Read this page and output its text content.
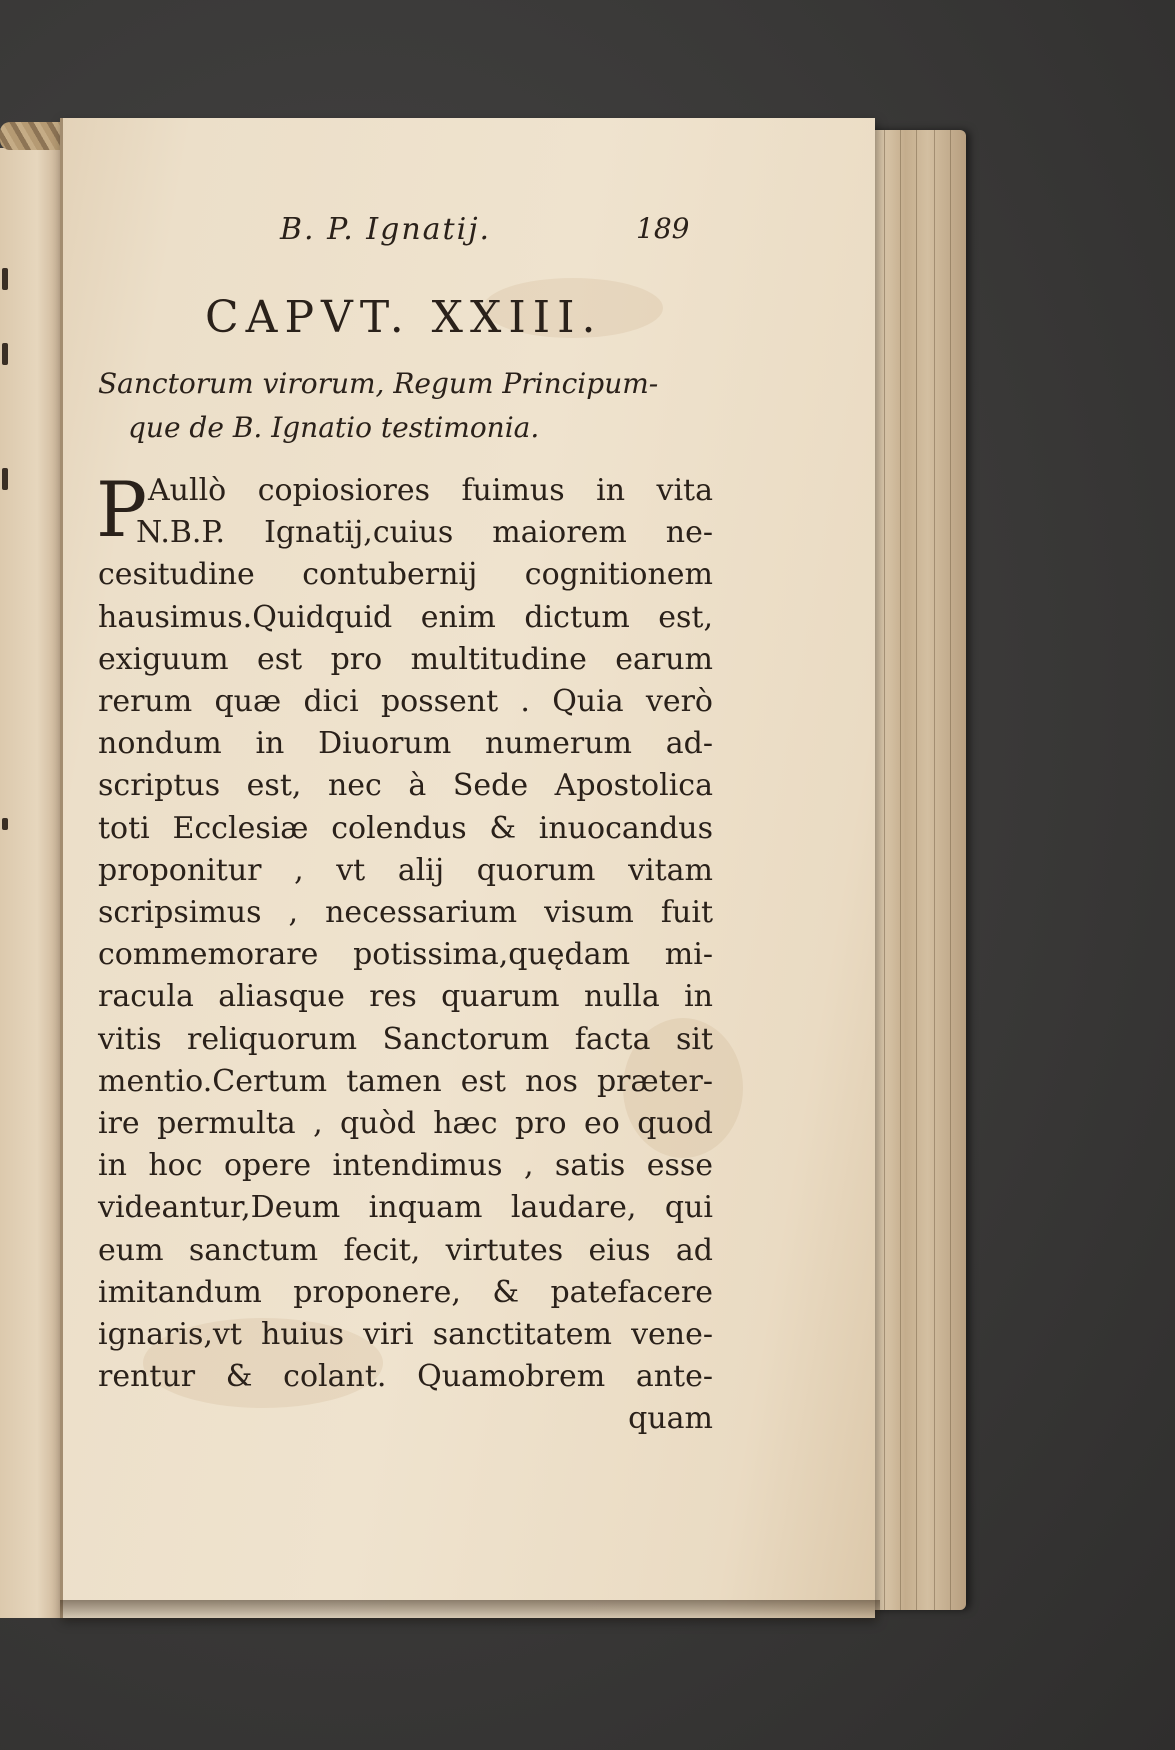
B. P. Ignatij.	189
CAPVT. XXIII.
Sanctorum virorum, Regum Principum-
que de B. Ignatio testimonia.
P Aullò copiosiores fuimus in vita
N.B.P. Ignatij,cuius maiorem ne-
cesitudine contubernij cognitionem
hausimus.Quidquid enim dictum est,
exiguum est pro multitudine earum
rerum quæ dici possent . Quia verò
nondum in Diuorum numerum ad-
scriptus est, nec à Sede Apostolica
toti Ecclesiæ colendus & inuocandus
proponitur , vt alij quorum vitam
scripsimus , necessarium visum fuit
commemorare potissima,quędam mi-
racula aliasque res quarum nulla in
vitis reliquorum Sanctorum facta sit
mentio.Certum tamen est nos præter-
ire permulta , quòd hæc pro eo quod
in hoc opere intendimus , satis esse
videantur,Deum inquam laudare, qui
eum sanctum fecit, virtutes eius ad
imitandum proponere, & patefacere
ignaris,vt huius viri sanctitatem vene-
rentur & colant. Quamobrem ante-
quam
